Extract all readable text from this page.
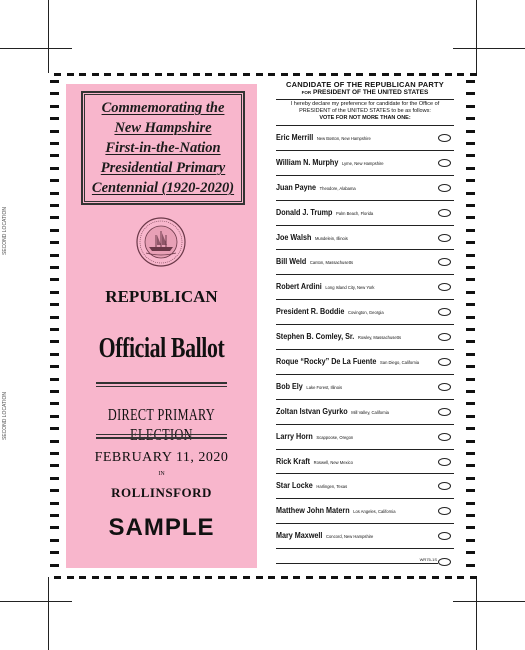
SECOND LOCATION
SECOND LOCATION
Commemorating the
New Hampshire
First-in-the-Nation
Presidential Primary
Centennial (1920-2020)
REPUBLICAN
Official Ballot
DIRECT PRIMARY
FEBRUARY 11, 2020
IN
ROLLINSFORD
SAMPLE
CANDIDATE OF THE REPUBLICAN PARTY
FOR PRESIDENT OF THE UNITED STATES
I hereby declare my preference for candidate for the Office of
PRESIDENT of the UNITED STATES to be as follows:
VOTE FOR NOT MORE THAN ONE:
Eric Merrill New Boston, New Hampshire
William N. Murphy Lyme, New Hampshire
Juan Payne Theodore, Alabama
Donald J. Trump Palm Beach, Florida
Joe Walsh Mundelein, Illinois
Bill Weld Canton, Massachusetts
Robert Ardini Long Island City, New York
President R. Boddie Covington, Georgia
Stephen B. Comley, Sr. Rowley, Massachusetts
Roque “Rocky” De La Fuente San Diego, California
Bob Ely Lake Forest, Illinois
Zoltan Istvan Gyurko Mill Valley, California
Larry Horn Scappoose, Oregon
Rick Kraft Roswell, New Mexico
Star Locke Harlingen, Texas
Matthew John Matern Los Angeles, California
Mary Maxwell Concord, New Hampshire
WR75-1S
